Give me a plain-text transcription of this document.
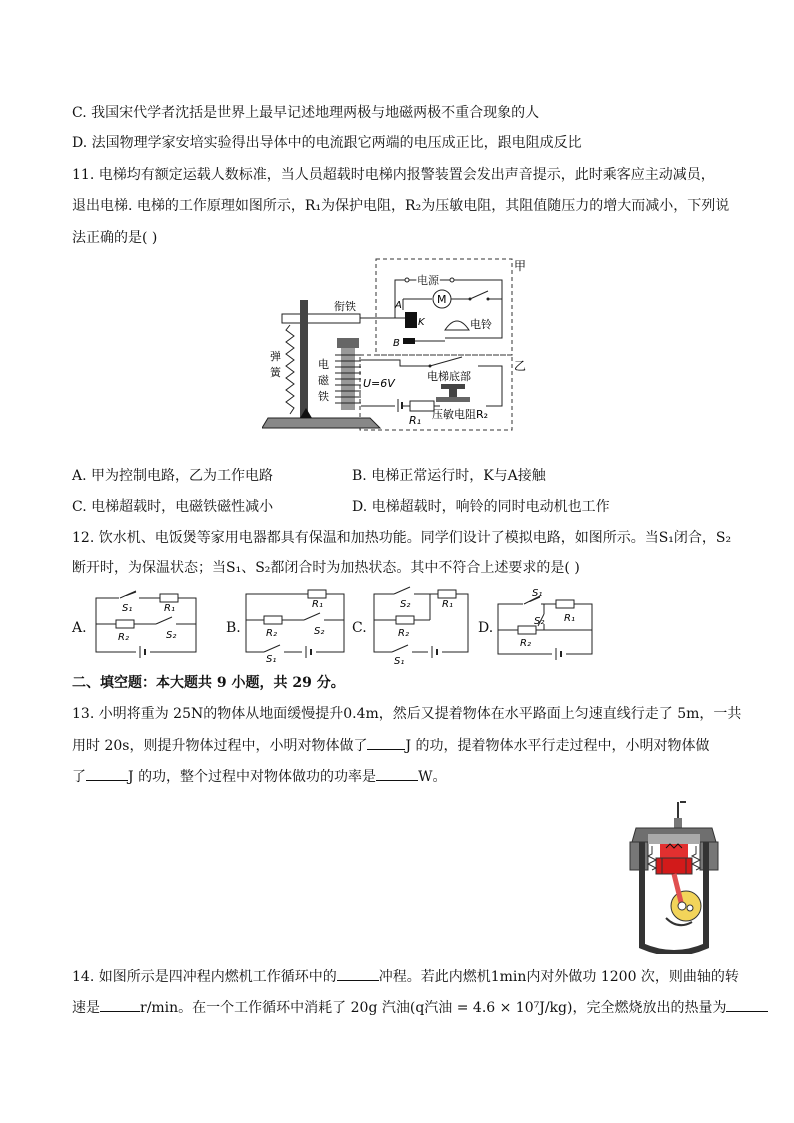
C. 我国宋代学者沈括是世界上最早记述地理两极与地磁两极不重合现象的人
D. 法国物理学家安培实验得出导体中的电流跟它两端的电压成正比，跟电阻成反比
11. 电梯均有额定运载人数标准，当人员超载时电梯内报警装置会发出声音提示，此时乘客应主动减员，
退出电梯. 电梯的工作原理如图所示，R₁为保护电阻，R₂为压敏电阻，其阻值随压力的增大而减小，下列说
法正确的是( )
甲
乙
电源
M
电铃
A
K
B
衔铁
弹
簧
电
磁
铁
U=6V
电梯底部
R₁ 压敏电阻R₂
A. 甲为控制电路，乙为工作电路	B. 电梯正常运行时，K与A接触
C. 电梯超载时，电磁铁磁性减小	D. 电梯超载时，响铃的同时电动机也工作
12. 饮水机、电饭煲等家用电器都具有保温和加热功能。同学们设计了模拟电路，如图所示。当S₁闭合，S₂
断开时，为保温状态；当S₁、S₂都闭合时为加热状态。其中不符合上述要求的是( )
A.
S₁	R₁
R₂	S₂	B.
R₁
R₂	S₂
S₁
C.
S₂	R₁
R₂
S₁
D.
S₁
R₁
S₂
R₂
二、填空题：本大题共 9 小题，共 29 分。
13. 小明将重为 25N的物体从地面缓慢提升0.4m，然后又提着物体在水平路面上匀速直线行走了 5m，一共
用时 20s，则提升物体过程中，小明对物体做了	J 的功，提着物体水平行走过程中，小明对物体做
了	J 的功，整个过程中对物体做功的功率是	W。
14. 如图所示是四冲程内燃机工作循环中的	冲程。若此内燃机1min内对外做功 1200 次，则曲轴的转
速是	r/min。在一个工作循环中消耗了 20g 汽油(q汽油 = 4.6 × 10⁷J/kg)，完全燃烧放出的热量为
